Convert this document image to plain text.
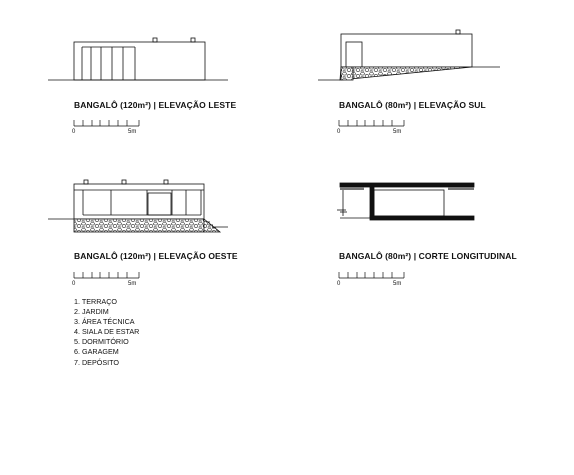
BANGALÔ (120m²) | ELEVAÇÃO LESTE	BANGALÔ (80m²) | ELEVAÇÃO SUL
BANGALÔ (120m²) | ELEVAÇÃO OESTE	BANGALÔ (80m²) | CORTE LONGITUDINAL
0	5m	0	5m
0	5m	0	5m
1. TERRAÇO
2. JARDIM
3. ÁREA TÉCNICA
4. SIALA DE ESTAR
5. DORMITÓRIO
6. GARAGEM
7. DEPÓSITO
